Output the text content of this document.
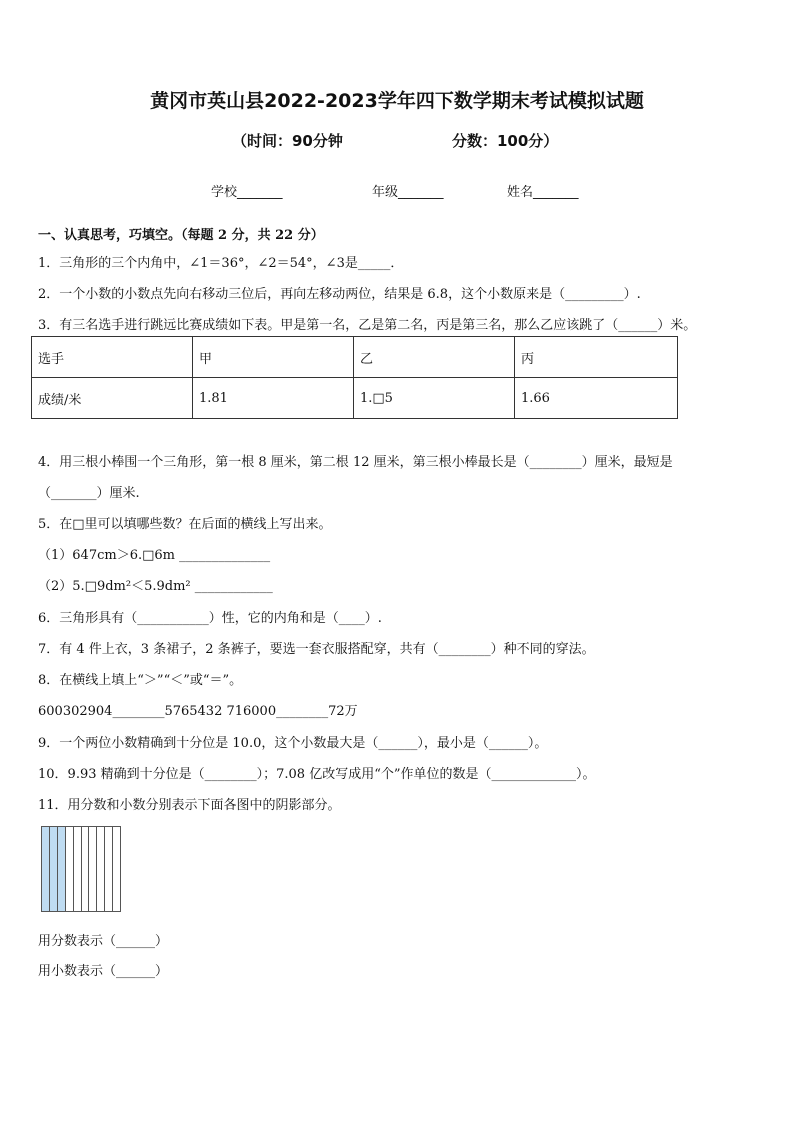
黄冈市英山县2022-2023学年四下数学期末考试模拟试题
（时间：90分钟	分数：100分）
学校_______	年级_______	姓名_______
一、认真思考，巧填空。（每题 2 分，共 22 分）
1．三角形的三个内角中，∠1＝36°，∠2＝54°，∠3是_____．
2．一个小数的小数点先向右移动三位后，再向左移动两位，结果是 6.8，这个小数原来是（_________）.
3．有三名选手进行跳远比赛成绩如下表。甲是第一名，乙是第二名，丙是第三名，那么乙应该跳了（______）米。
选手	甲	乙	丙
成绩/米	1.81	1.□5	1.66
4．用三根小棒围一个三角形，第一根 8 厘米，第二根 12 厘米，第三根小棒最长是（________）厘米，最短是
（_______）厘米.
5．在□里可以填哪些数？在后面的横线上写出来。
（1）647cm＞6.□6m ______________
（2）5.□9dm²＜5.9dm² ____________
6．三角形具有（___________）性，它的内角和是（____）.
7．有 4 件上衣，3 条裙子，2 条裤子，要选一套衣服搭配穿，共有（________）种不同的穿法。
8．在横线上填上“＞”“＜”或“＝”。
600302904________5765432 716000________72万
9．一个两位小数精确到十分位是 10.0，这个小数最大是（______），最小是（______）。
10．9.93 精确到十分位是（________）；7.08 亿改写成用“个”作单位的数是（_____________）。
11．用分数和小数分别表示下面各图中的阴影部分。
用分数表示（______）
用小数表示（______）
